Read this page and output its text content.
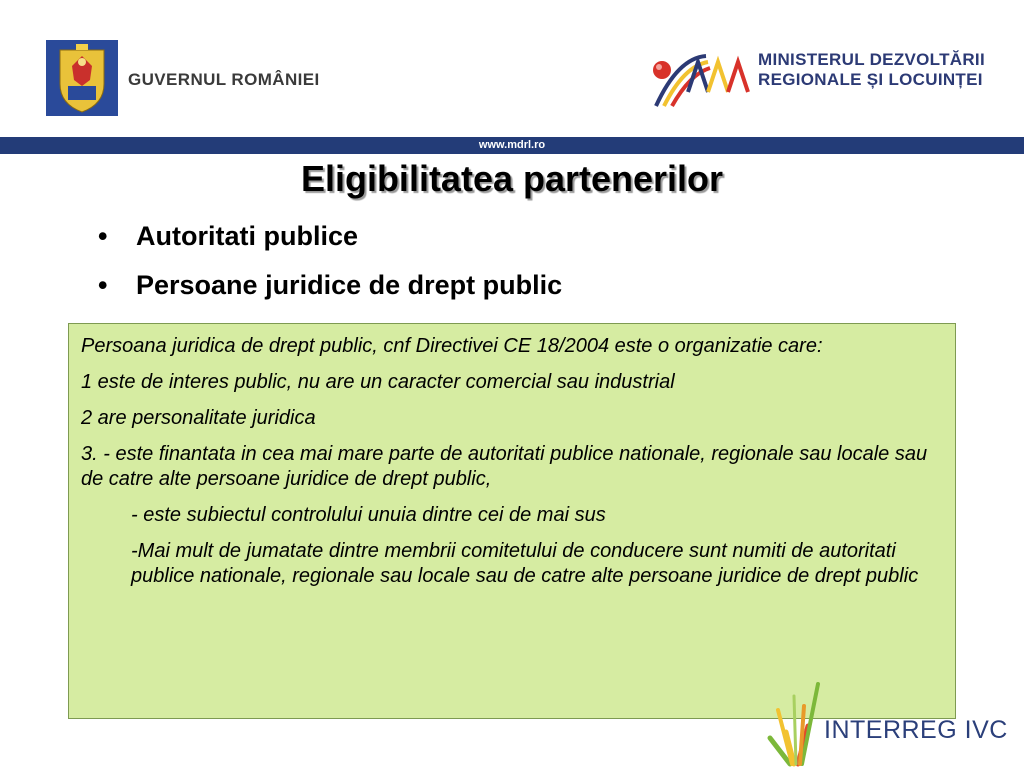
GUVERNUL ROMÂNIEI
MINISTERUL DEZVOLTĂRII
REGIONALE ȘI LOCUINȚEI
www.mdrl.ro
Eligibilitatea partenerilor
• Autoritati publice
• Persoane juridice de drept public

Persoana juridica de drept public, cnf Directivei CE 18/2004 este o organizatie care:

1 este de interes public, nu are un caracter comercial sau industrial

2 are personalitate juridica

3. - este finantata in cea mai mare parte de autoritati publice nationale, regionale sau locale sau de catre alte persoane juridice de drept public,

- este subiectul controlului unuia dintre cei de mai sus

-Mai mult de jumatate dintre membrii comitetului de conducere sunt numiti de autoritati publice nationale, regionale sau locale sau de catre alte persoane juridice de drept public

INTERREG IVC
